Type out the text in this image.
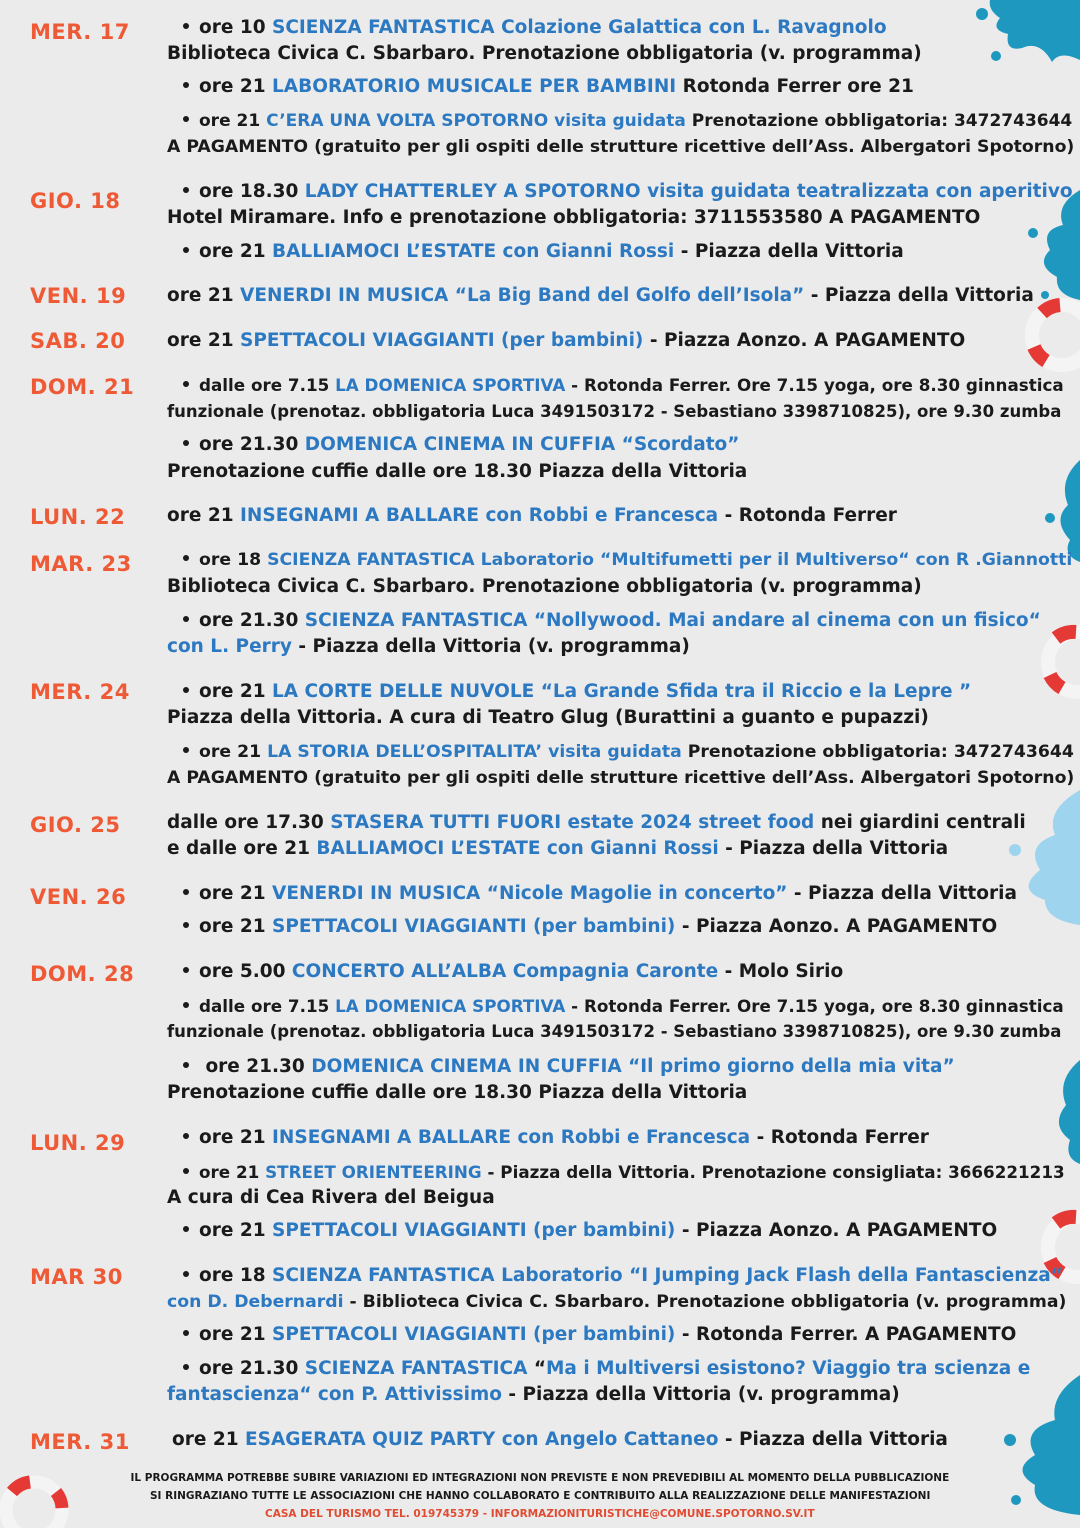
MER. 17
GIO. 18
VEN. 19
SAB. 20
DOM. 21
LUN. 22
MAR. 23
MER. 24
GIO. 25
VEN. 26
DOM. 28
LUN. 29
MAR 30
MER. 31
ore 10 SCIENZA FANTASTICA Colazione Galattica con L. Ravagnolo
Biblioteca Civica C. Sbarbaro. Prenotazione obbligatoria (v. programma)
ore 21 LABORATORIO MUSICALE PER BAMBINI Rotonda Ferrer ore 21
ore 21 C’ERA UNA VOLTA SPOTORNO visita guidata Prenotazione obbligatoria: 3472743644
A PAGAMENTO (gratuito per gli ospiti delle strutture ricettive dell’Ass. Albergatori Spotorno)
ore 18.30 LADY CHATTERLEY A SPOTORNO visita guidata teatralizzata con aperitivo
Hotel Miramare. Info e prenotazione obbligatoria: 3711553580 A PAGAMENTO
ore 21 BALLIAMOCI L’ESTATE con Gianni Rossi - Piazza della Vittoria
ore 21 VENERDI IN MUSICA “La Big Band del Golfo dell’Isola” - Piazza della Vittoria
ore 21 SPETTACOLI VIAGGIANTI (per bambini) - Piazza Aonzo. A PAGAMENTO
dalle ore 7.15 LA DOMENICA SPORTIVA - Rotonda Ferrer. Ore 7.15 yoga, ore 8.30 ginnastica
funzionale (prenotaz. obbligatoria Luca 3491503172 - Sebastiano 3398710825), ore 9.30 zumba
ore 21.30 DOMENICA CINEMA IN CUFFIA “Scordato”
Prenotazione cuffie dalle ore 18.30 Piazza della Vittoria
ore 21 INSEGNAMI A BALLARE con Robbi e Francesca - Rotonda Ferrer
ore 18 SCIENZA FANTASTICA Laboratorio “Multifumetti per il Multiverso“ con R .Giannotti
Biblioteca Civica C. Sbarbaro. Prenotazione obbligatoria (v. programma)
ore 21.30 SCIENZA FANTASTICA “Nollywood. Mai andare al cinema con un fisico“
con L. Perry - Piazza della Vittoria (v. programma)
ore 21 LA CORTE DELLE NUVOLE “La Grande Sfida tra il Riccio e la Lepre ”
Piazza della Vittoria. A cura di Teatro Glug (Burattini a guanto e pupazzi)
ore 21 LA STORIA DELL’OSPITALITA’ visita guidata Prenotazione obbligatoria: 3472743644
A PAGAMENTO (gratuito per gli ospiti delle strutture ricettive dell’Ass. Albergatori Spotorno)
dalle ore 17.30 STASERA TUTTI FUORI estate 2024 street food nei giardini centrali
e dalle ore 21 BALLIAMOCI L’ESTATE con Gianni Rossi - Piazza della Vittoria
ore 21 VENERDI IN MUSICA “Nicole Magolie in concerto” - Piazza della Vittoria
ore 21 SPETTACOLI VIAGGIANTI (per bambini) - Piazza Aonzo. A PAGAMENTO
ore 5.00 CONCERTO ALL’ALBA Compagnia Caronte - Molo Sirio
dalle ore 7.15 LA DOMENICA SPORTIVA - Rotonda Ferrer. Ore 7.15 yoga, ore 8.30 ginnastica
funzionale (prenotaz. obbligatoria Luca 3491503172 - Sebastiano 3398710825), ore 9.30 zumba
ore 21.30 DOMENICA CINEMA IN CUFFIA “Il primo giorno della mia vita”
Prenotazione cuffie dalle ore 18.30 Piazza della Vittoria
ore 21 INSEGNAMI A BALLARE con Robbi e Francesca - Rotonda Ferrer
ore 21 STREET ORIENTEERING - Piazza della Vittoria. Prenotazione consigliata: 3666221213
A cura di Cea Rivera del Beigua
ore 21 SPETTACOLI VIAGGIANTI (per bambini) - Piazza Aonzo. A PAGAMENTO
ore 18 SCIENZA FANTASTICA Laboratorio “I Jumping Jack Flash della Fantascienza“
con D. Debernardi - Biblioteca Civica C. Sbarbaro. Prenotazione obbligatoria (v. programma)
ore 21 SPETTACOLI VIAGGIANTI (per bambini) - Rotonda Ferrer. A PAGAMENTO
ore 21.30 SCIENZA FANTASTICA “Ma i Multiversi esistono? Viaggio tra scienza e
fantascienza“ con P. Attivissimo - Piazza della Vittoria (v. programma)
ore 21 ESAGERATA QUIZ PARTY con Angelo Cattaneo - Piazza della Vittoria
IL PROGRAMMA POTREBBE SUBIRE VARIAZIONI ED INTEGRAZIONI NON PREVISTE E NON PREVEDIBILI AL MOMENTO DELLA PUBBLICAZIONE
SI RINGRAZIANO TUTTE LE ASSOCIAZIONI CHE HANNO COLLABORATO E CONTRIBUITO ALLA REALIZZAZIONE DELLE MANIFESTAZIONI
CASA DEL TURISMO TEL. 019745379 - INFORMAZIONITURISTICHE@COMUNE.SPOTORNO.SV.IT
